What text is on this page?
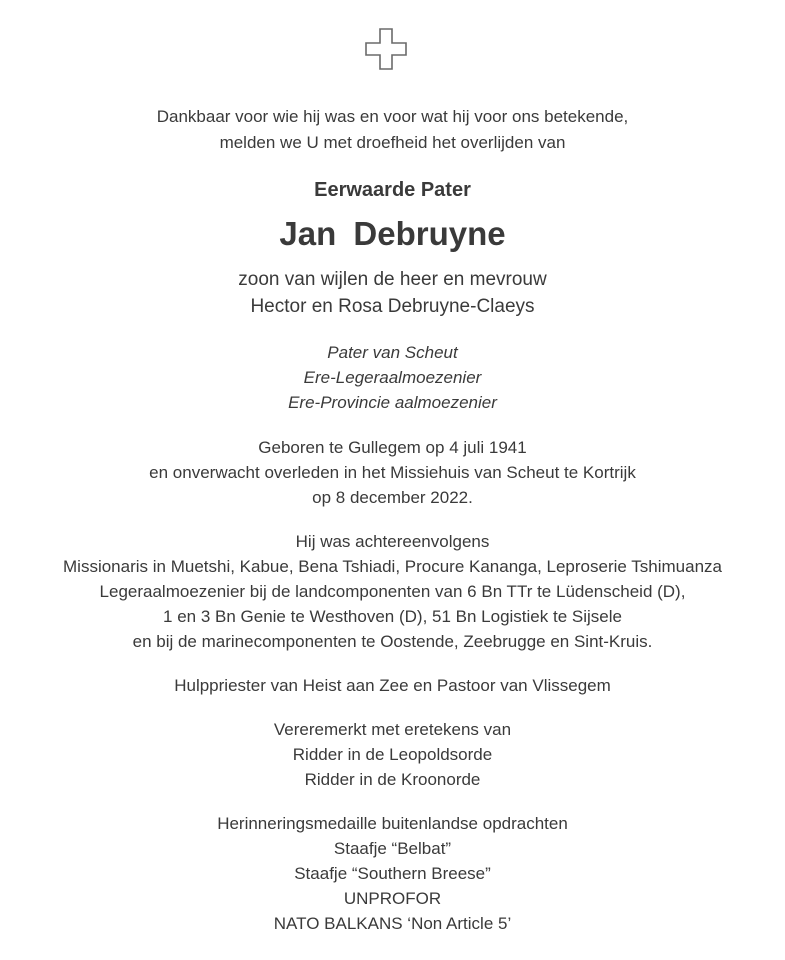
Dankbaar voor wie hij was en voor wat hij voor ons betekende,
melden we U met droefheid het overlijden van
Eerwaarde Pater
Jan Debruyne
zoon van wijlen de heer en mevrouw
Hector en Rosa Debruyne-Claeys
Pater van Scheut
Ere-Legeraalmoezenier
Ere-Provincie aalmoezenier
Geboren te Gullegem op 4 juli 1941
en onverwacht overleden in het Missiehuis van Scheut te Kortrijk
op 8 december 2022.
Hij was achtereenvolgens
Missionaris in Muetshi, Kabue, Bena Tshiadi, Procure Kananga, Leproserie Tshimuanza
Legeraalmoezenier bij de landcomponenten van 6 Bn TTr te Lüdenscheid (D),
1 en 3 Bn Genie te Westhoven (D), 51 Bn Logistiek te Sijsele
en bij de marinecomponenten te Oostende, Zeebrugge en Sint-Kruis.
Hulppriester van Heist aan Zee en Pastoor van Vlissegem
Vereremerkt met eretekens van
Ridder in de Leopoldsorde
Ridder in de Kroonorde
Herinneringsmedaille buitenlandse opdrachten
Staafje “Belbat”
Staafje “Southern Breese”
UNPROFOR
NATO BALKANS ‘Non Article 5’
